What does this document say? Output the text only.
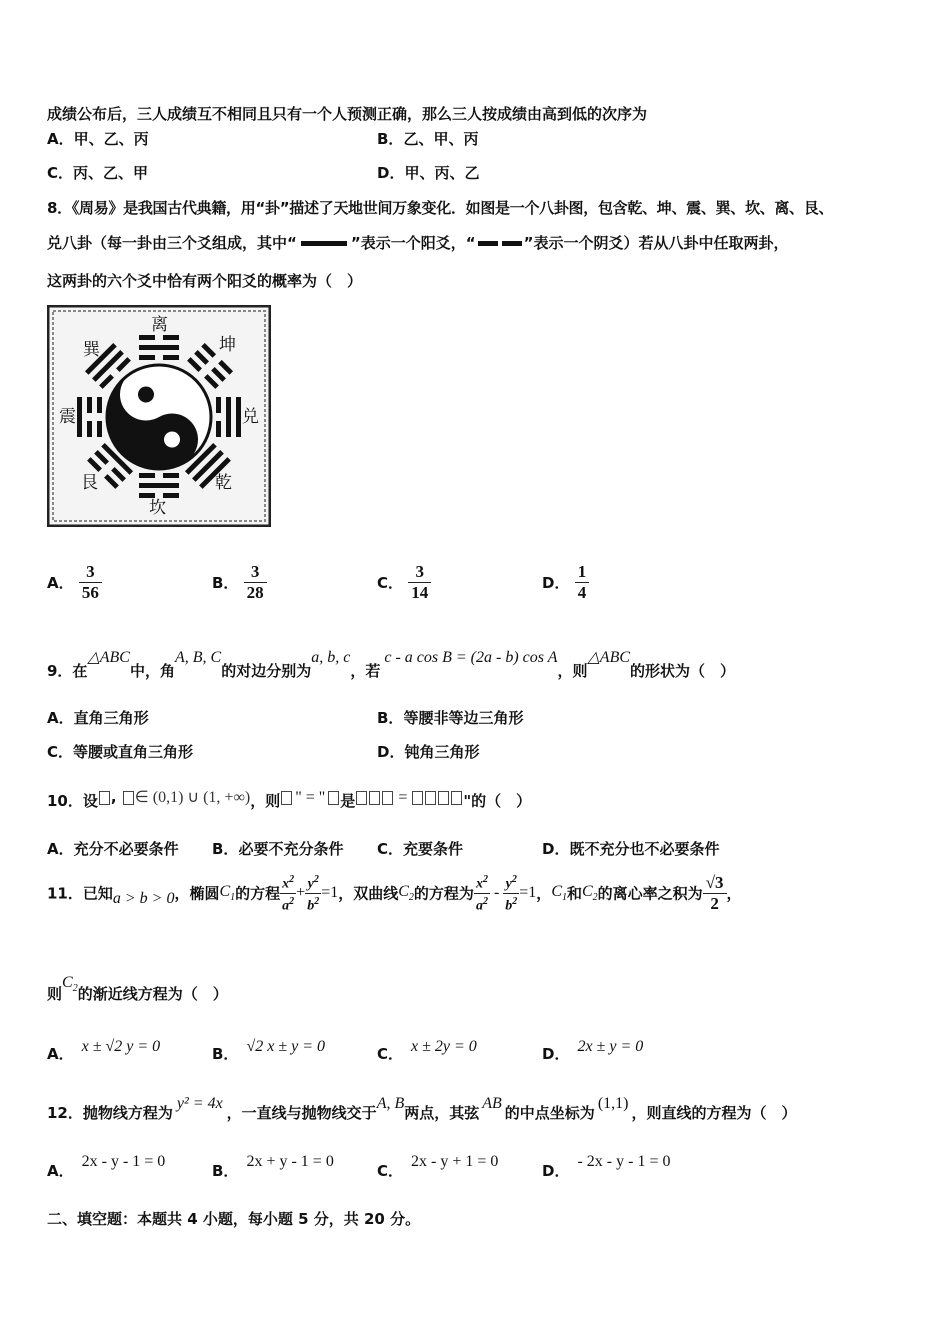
成绩公布后，三人成绩互不相同且只有一个人预测正确，那么三人按成绩由高到低的次序为
A．甲、乙、丙	B．乙、甲、丙
C．丙、乙、甲	D．甲、丙、乙
8．《周易》是我国古代典籍，用“卦”描述了天地世间万象变化．如图是一个八卦图，包含乾、坤、震、巽、坎、离、艮、
兑八卦（每一卦由三个爻组成，其中“	”表示一个阳爻，“	”表示一个阴爻）若从八卦中任取两卦，
这两卦的六个爻中恰有两个阳爻的概率为（　）
离
坤
兑
乾
坎
艮
震
巽
A． $\frac{3}{56}$	B． $\frac{3}{28}$	C． $\frac{3}{14}$	D． $\frac{1}{4}$
9．在△ABC中，角A, B, C的对边分别为a, b, c，若c - a cos B = (2a - b) cos A，则△ABC的形状为（　）
A．直角三角形	B．等腰非等边三角形
C．等腰或直角三角形	D．钝角三角形
10．设 , ∈ (0,1) ∪ (1, +∞)，则 " = " 是 =	"的（　）
A．充分不必要条件 B．必要不充分条件 C．充要条件	D．既不充分也不必要条件
11．已知a > b > 0，椭圆$C_1$的方程 $\frac{x^2}{a^2} + \frac{y^2}{b^2} =1$，双曲线$C_2$的方程为 $\frac{x^2}{a^2} - \frac{y^2}{b^2} =1$，$C_1$和$C_2$的离心率之积为 $\frac{√3}{2}$ ，
则$C_2$的渐近线方程为（　）
A． x ± √2 y = 0	B． √2 x ± y = 0	C． x ± 2y = 0	D． 2x ± y = 0
12．抛物线方程为y² = 4x，一直线与抛物线交于A, B两点，其弦AB的中点坐标为(1,1)，则直线的方程为（　）
A．2x - y - 1 = 0
B．2x + y - 1 = 0
C．2x - y + 1 = 0
D．- 2x - y - 1 = 0
二、填空题：本题共 4 小题，每小题 5 分，共 20 分。
